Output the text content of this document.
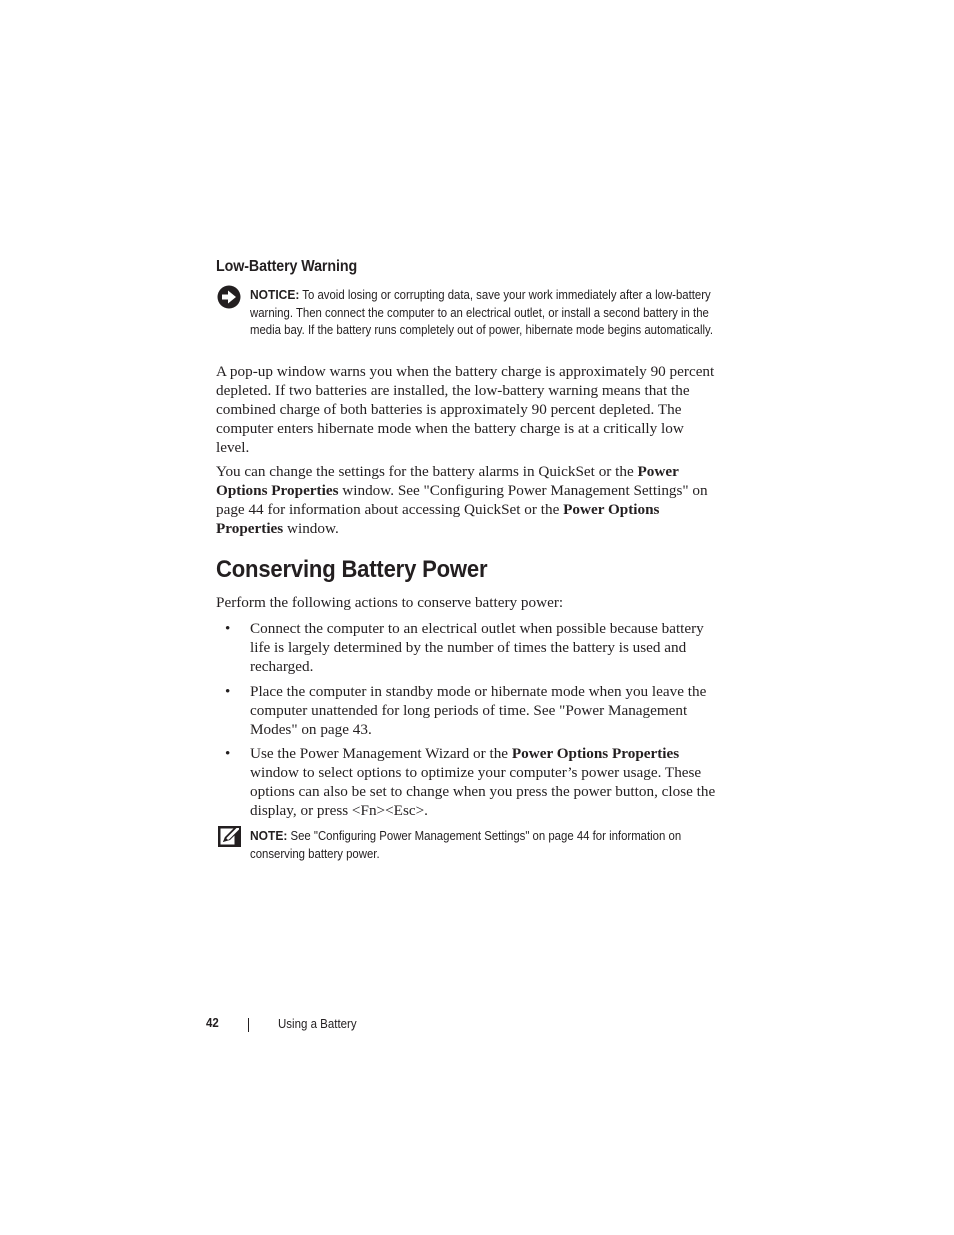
Low-Battery Warning

NOTICE: To avoid losing or corrupting data, save your work immediately after a low-battery warning. Then connect the computer to an electrical outlet, or install a second battery in the media bay. If the battery runs completely out of power, hibernate mode begins automatically.

A pop-up window warns you when the battery charge is approximately 90 percent depleted. If two batteries are installed, the low-battery warning means that the combined charge of both batteries is approximately 90 percent depleted. The computer enters hibernate mode when the battery charge is at a critically low level.

You can change the settings for the battery alarms in QuickSet or the Power Options Properties window. See "Configuring Power Management Settings" on page 44 for information about accessing QuickSet or the Power Options Properties window.

Conserving Battery Power

Perform the following actions to conserve battery power:

• Connect the computer to an electrical outlet when possible because battery life is largely determined by the number of times the battery is used and recharged.
• Place the computer in standby mode or hibernate mode when you leave the computer unattended for long periods of time. See "Power Management Modes" on page 43.
• Use the Power Management Wizard or the Power Options Properties window to select options to optimize your computer’s power usage. These options can also be set to change when you press the power button, close the display, or press <Fn><Esc>.

NOTE: See "Configuring Power Management Settings" on page 44 for information on conserving battery power.

42	Using a Battery
